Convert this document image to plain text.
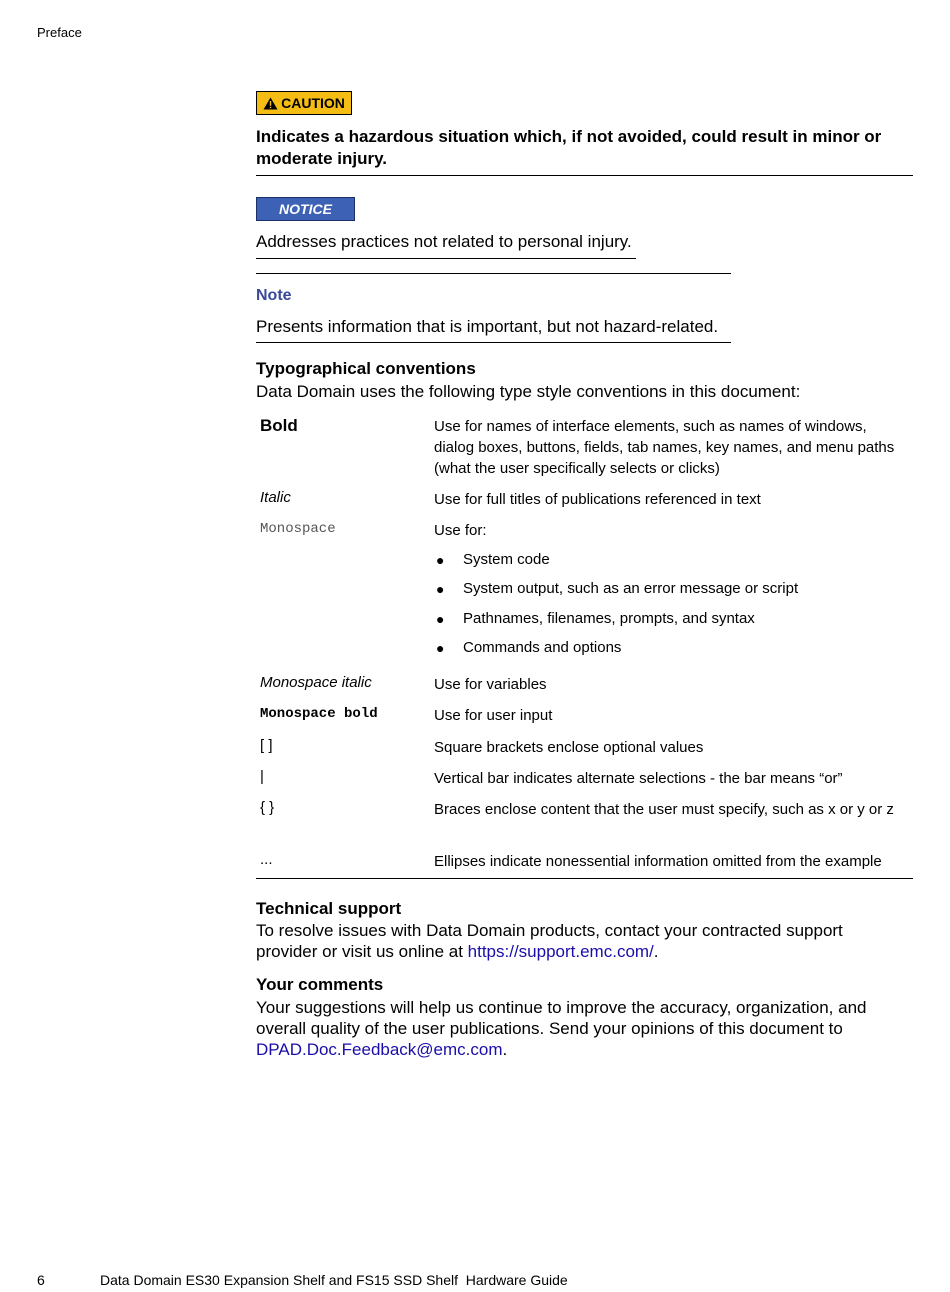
Preface
CAUTION
Indicates a hazardous situation which, if not avoided, could result in minor or moderate injury.
NOTICE
Addresses practices not related to personal injury.
Note
Presents information that is important, but not hazard-related.
Typographical conventions
Data Domain uses the following type style conventions in this document:
Bold	Use for names of interface elements, such as names of windows, dialog boxes, buttons, fields, tab names, key names, and menu paths (what the user specifically selects or clicks)
Italic	Use for full titles of publications referenced in text
Monospace	Use for:
● System code
● System output, such as an error message or script
● Pathnames, filenames, prompts, and syntax
● Commands and options
Monospace italic	Use for variables
Monospace bold	Use for user input
[ ]	Square brackets enclose optional values
|	Vertical bar indicates alternate selections - the bar means “or”
{ }	Braces enclose content that the user must specify, such as x or y or z
...	Ellipses indicate nonessential information omitted from the example
Technical support
To resolve issues with Data Domain products, contact your contracted support provider or visit us online at https://support.emc.com/.
Your comments
Your suggestions will help us continue to improve the accuracy, organization, and overall quality of the user publications. Send your opinions of this document to DPAD.Doc.Feedback@emc.com.
6	Data Domain ES30 Expansion Shelf and FS15 SSD Shelf  Hardware Guide
